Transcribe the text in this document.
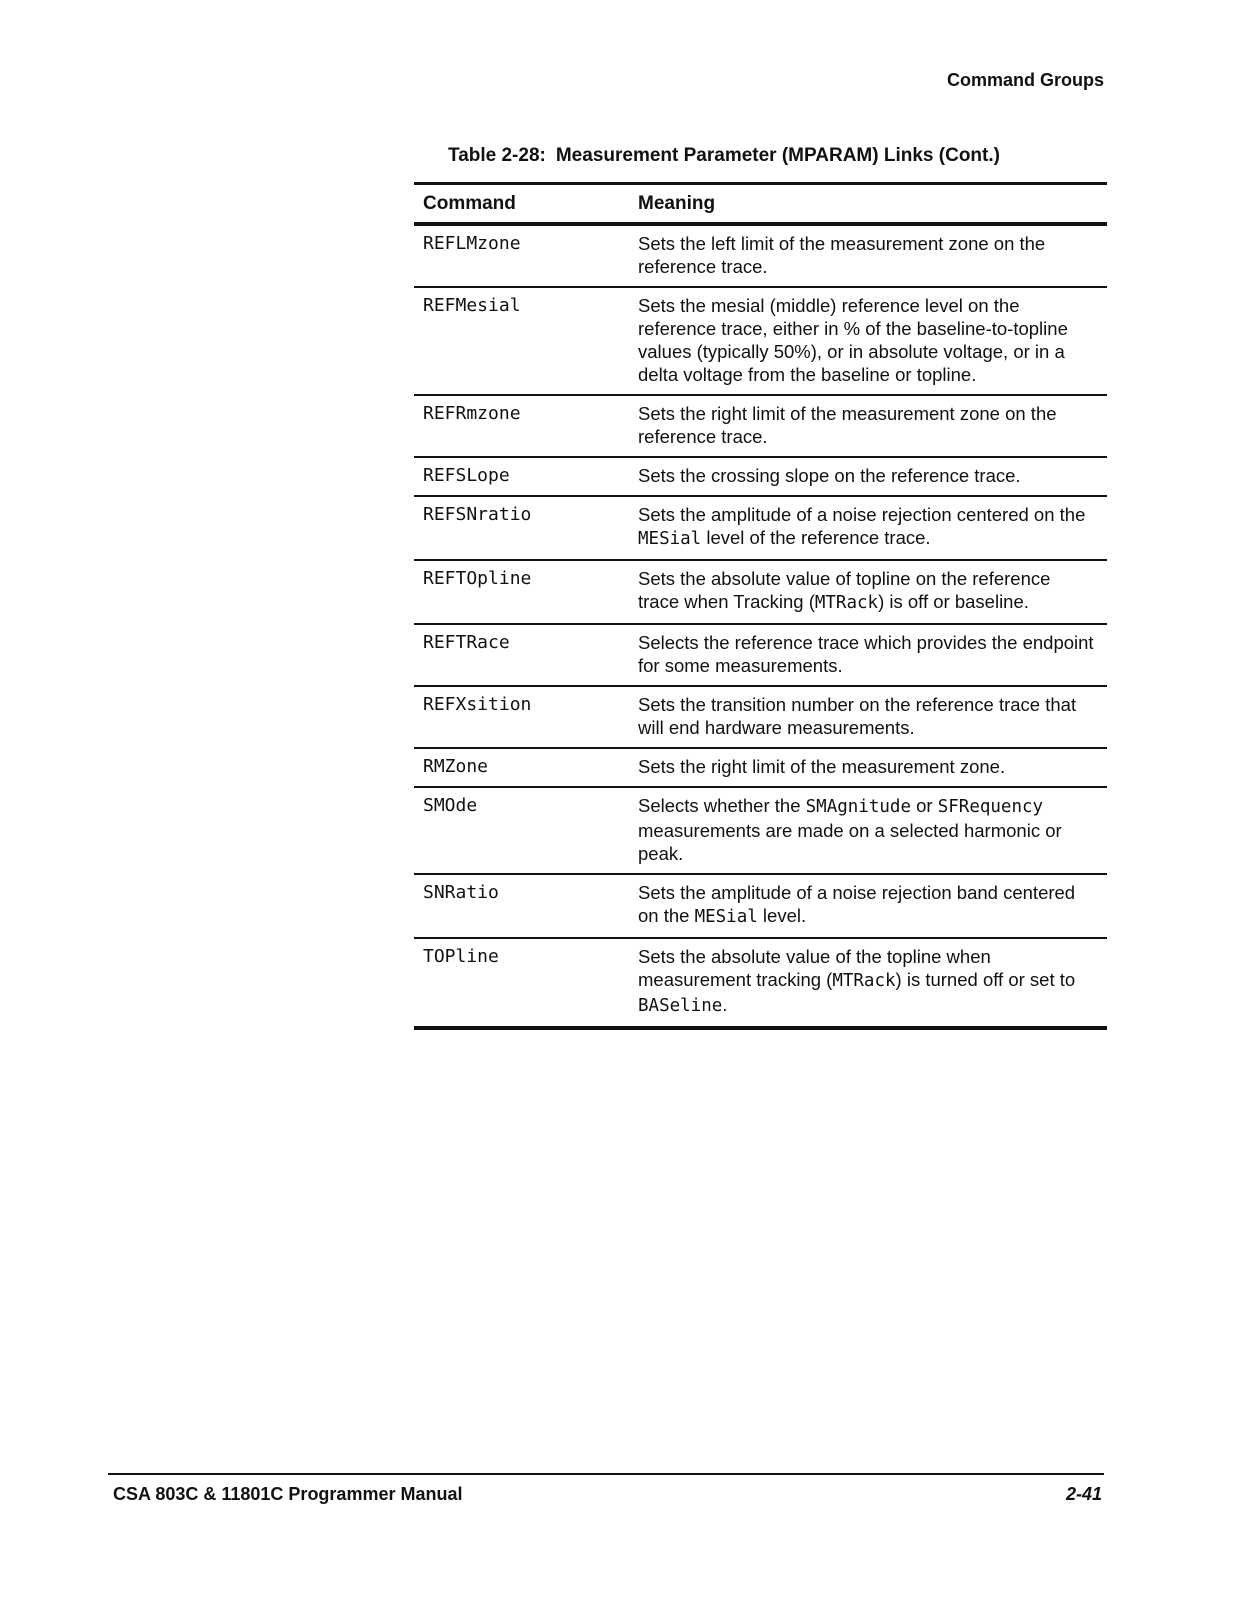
Command Groups
Table 2-28: Measurement Parameter (MPARAM) Links (Cont.)
Command	Meaning
REFLMzone	Sets the left limit of the measurement zone on the reference trace.
REFMesial	Sets the mesial (middle) reference level on the reference trace, either in % of the baseline-to-topline values (typically 50%), or in absolute voltage, or in a delta voltage from the baseline or topline.
REFRmzone	Sets the right limit of the measurement zone on the reference trace.
REFSLope	Sets the crossing slope on the reference trace.
REFSNratio	Sets the amplitude of a noise rejection centered on the MESial level of the reference trace.
REFTOpline	Sets the absolute value of topline on the reference trace when Tracking (MTRack) is off or baseline.
REFTRace	Selects the reference trace which provides the endpoint for some measurements.
REFXsition	Sets the transition number on the reference trace that will end hardware measurements.
RMZone	Sets the right limit of the measurement zone.
SMOde	Selects whether the SMAgnitude or SFRequency measurements are made on a selected harmonic or peak.
SNRatio	Sets the amplitude of a noise rejection band centered on the MESial level.
TOPline	Sets the absolute value of the topline when measurement tracking (MTRack) is turned off or set to BASeline.
CSA 803C & 11801C Programmer Manual	2-41
